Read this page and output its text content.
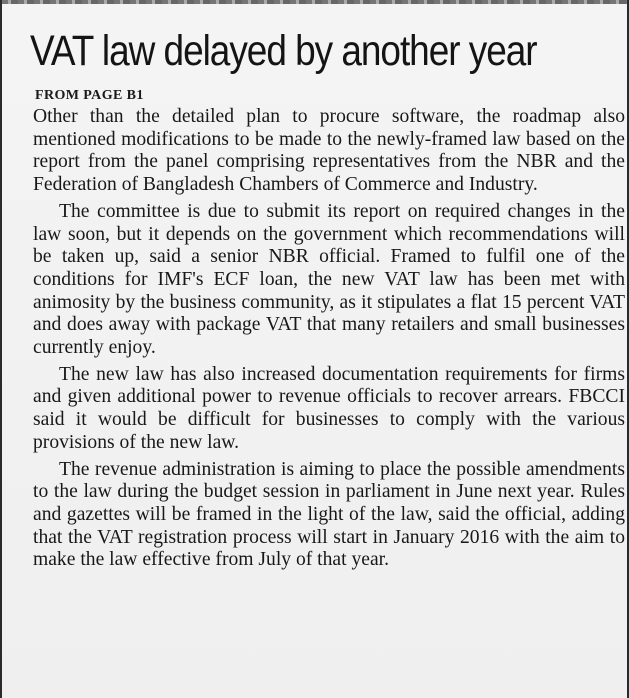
VAT law delayed by another year
FROM PAGE B1

Other than the detailed plan to procure software, the roadmap also mentioned modifications to be made to the newly-framed law based on the report from the panel comprising representatives from the NBR and the Federation of Bangladesh Chambers of Commerce and Industry.

The committee is due to submit its report on required changes in the law soon, but it depends on the government which recommendations will be taken up, said a senior NBR official. Framed to fulfil one of the conditions for IMF's ECF loan, the new VAT law has been met with animosity by the business community, as it stipulates a flat 15 percent VAT and does away with package VAT that many retailers and small businesses currently enjoy.

The new law has also increased documentation requirements for firms and given additional power to revenue officials to recover arrears. FBCCI said it would be difficult for businesses to comply with the various provisions of the new law.

The revenue administration is aiming to place the possible amendments to the law during the budget session in parliament in June next year. Rules and gazettes will be framed in the light of the law, said the official, adding that the VAT registration process will start in January 2016 with the aim to make the law effective from July of that year.
